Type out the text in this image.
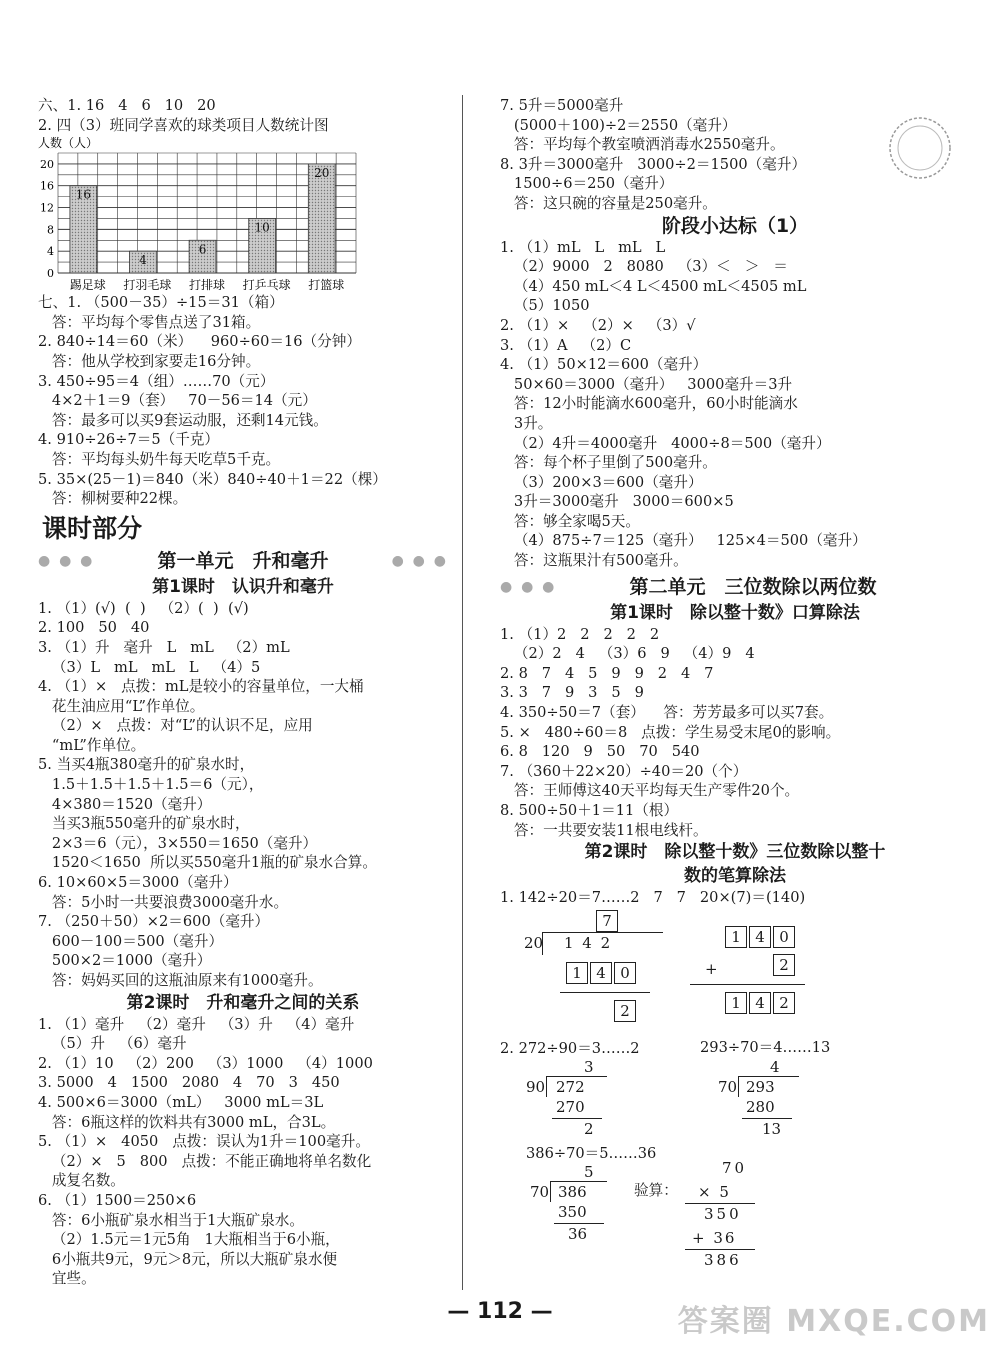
六、1. 16   4   6   10   20
2. 四（3）班同学喜欢的球类项目人数统计图
人数（人）
0
4
8
12
16
20
16
踢足球
4
打羽毛球
6
打排球
10
打乒乓球
20
打篮球
七、1. （500－35）÷15＝31（箱）
答：平均每个零售点送了31箱。
2. 840÷14＝60（米）    960÷60＝16（分钟）
答：他从学校到家要走16分钟。
3. 450÷95＝4（组）……70（元）
4×2＋1＝9（套）   70－56＝14（元）
答：最多可以买9套运动服，还剩14元钱。
4. 910÷26÷7＝5（千克）
答：平均每头奶牛每天吃草5千克。
5. 35×(25－1)＝840（米）840÷40＋1＝22（棵）
答：柳树要种22棵。
课时部分
● ● ●	第一单元　升和毫升	● ● ●
第1课时　认识升和毫升
1. （1）(√)  (  )   （2）(  )  (√)
2. 100   50   40
3. （1）升   毫升   L   mL   （2）mL
（3）L   mL   mL   L   （4）5
4. （1）×   点拨：mL是较小的容量单位，一大桶
花生油应用“L”作单位。
（2）×   点拨：对“L”的认识不足，应用
“mL”作单位。
5. 当买4瓶380毫升的矿泉水时，
1.5＋1.5＋1.5＋1.5＝6（元），
4×380＝1520（毫升）
当买3瓶550毫升的矿泉水时，
2×3＝6（元），3×550＝1650（毫升）
1520＜1650  所以买550毫升1瓶的矿泉水合算。
6. 10×60×5＝3000（毫升）
答：5小时一共要浪费3000毫升水。
7. （250＋50）×2＝600（毫升）
600－100＝500（毫升）
500×2＝1000（毫升）
答：妈妈买回的这瓶油原来有1000毫升。
第2课时　升和毫升之间的关系
1. （1）毫升   （2）毫升   （3）升   （4）毫升
（5）升   （6）毫升
2. （1）10   （2）200   （3）1000   （4）1000
3. 5000   4   1500   2080   4   70   3   450
4. 500×6＝3000（mL）   3000 mL＝3L
答：6瓶这样的饮料共有3000 mL，合3L。
5. （1）×   4050   点拨：误认为1升＝100毫升。
（2）×   5   800   点拨：不能正确地将单名数化
成复名数。
6. （1）1500＝250×6
答：6小瓶矿泉水相当于1大瓶矿泉水。
（2）1.5元＝1元5角   1大瓶相当于6小瓶，
6小瓶共9元，9元＞8元，所以大瓶矿泉水便
宜些。
7. 5升＝5000毫升
(5000＋100)÷2＝2550（毫升）
答：平均每个教室喷洒消毒水2550毫升。
8. 3升＝3000毫升   3000÷2＝1500（毫升）
1500÷6＝250（毫升）
答：这只碗的容量是250毫升。
阶段小达标（1）
1. （1）mL   L   mL   L
（2）9000   2   8080   （3）＜   ＞   ＝
（4）450 mL＜4 L＜4500 mL＜4505 mL
（5）1050
2. （1）×   （2）×   （3）√
3. （1）A   （2）C
4. （1）50×12＝600（毫升）
50×60＝3000（毫升）   3000毫升＝3升
答：12小时能滴水600毫升，60小时能滴水
3升。
（2）4升＝4000毫升   4000÷8＝500（毫升）
答：每个杯子里倒了500毫升。
（3）200×3＝600（毫升）
3升＝3000毫升   3000＝600×5
答：够全家喝5天。
（4）875÷7＝125（毫升）   125×4＝500（毫升）
答：这瓶果汁有500毫升。
● ● ●	第二单元　三位数除以两位数
第1课时　除以整十数》口算除法
1. （1）2   2   2   2   2
（2）2   4   （3）6   9   （4）9   4
2. 8   7   4   5   9   9   2   4   7
3. 3   7   9   3   5   9
4. 350÷50＝7（套）    答：芳芳最多可以买7套。
5. ×   480÷60＝8   点拨：学生易受末尾0的影响。
6. 8   120   9   50   70   540
7. （360＋22×20）÷40＝20（个）
答：王师傅这40天平均每天生产零件20个。
8. 500÷50＋1＝11（根）
答：一共要安装11根电线杆。
第2课时　除以整十数》三位数除以整十
数的笔算除法
1. 142÷20＝7……2   7   7   20×(7)＝(140)
7
20 1 4 2
1 4 0
2
1 4 0
+	2
1 4 2
2. 272÷90＝3……2	293÷70＝4……13
3
90 272
270
2
4
70 293
280
13
386÷70＝5……36
5
70 386
350
36
验算：
70
× 5
350
+ 36
386
— 112 —	答案圈 MXQE.COM
